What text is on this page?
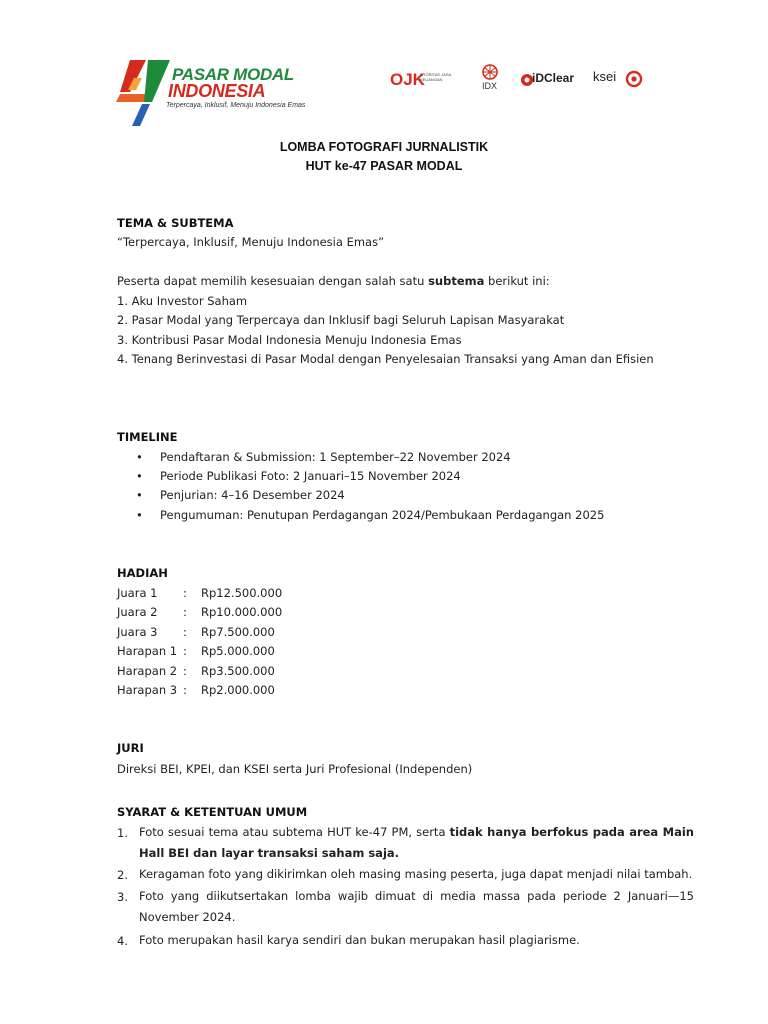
PASAR MODAL
INDONESIA
Terpercaya, Inklusif, Menuju Indonesia Emas
OJK
OTORITAS JASA KEUANGAN
IDX
iDClear ksei
LOMBA FOTOGRAFI JURNALISTIK
HUT ke-47 PASAR MODAL
TEMA & SUBTEMA
“Terpercaya, Inklusif, Menuju Indonesia Emas”
Peserta dapat memilih kesesuaian dengan salah satu subtema berikut ini:
1. Aku Investor Saham
2. Pasar Modal yang Terpercaya dan Inklusif bagi Seluruh Lapisan Masyarakat
3. Kontribusi Pasar Modal Indonesia Menuju Indonesia Emas
4. Tenang Berinvestasi di Pasar Modal dengan Penyelesaian Transaksi yang Aman dan Efisien
TIMELINE
• Pendaftaran & Submission: 1 September–22 November 2024
• Periode Publikasi Foto: 2 Januari–15 November 2024
• Penjurian: 4–16 Desember 2024
• Pengumuman: Penutupan Perdagangan 2024/Pembukaan Perdagangan 2025
HADIAH
Juara 1 : Rp12.500.000
Juara 2 : Rp10.000.000
Juara 3 : Rp7.500.000
Harapan 1 : Rp5.000.000
Harapan 2 : Rp3.500.000
Harapan 3 : Rp2.000.000
JURI
Direksi BEI, KPEI, dan KSEI serta Juri Profesional (Independen)
SYARAT & KETENTUAN UMUM
1. Foto sesuai tema atau subtema HUT ke-47 PM, serta tidak hanya berfokus pada area Main Hall BEI dan layar transaksi saham saja.
2. Keragaman foto yang dikirimkan oleh masing masing peserta, juga dapat menjadi nilai tambah.
3. Foto yang diikutsertakan lomba wajib dimuat di media massa pada periode 2 Januari—15 November 2024.
4. Foto merupakan hasil karya sendiri dan bukan merupakan hasil plagiarisme.
